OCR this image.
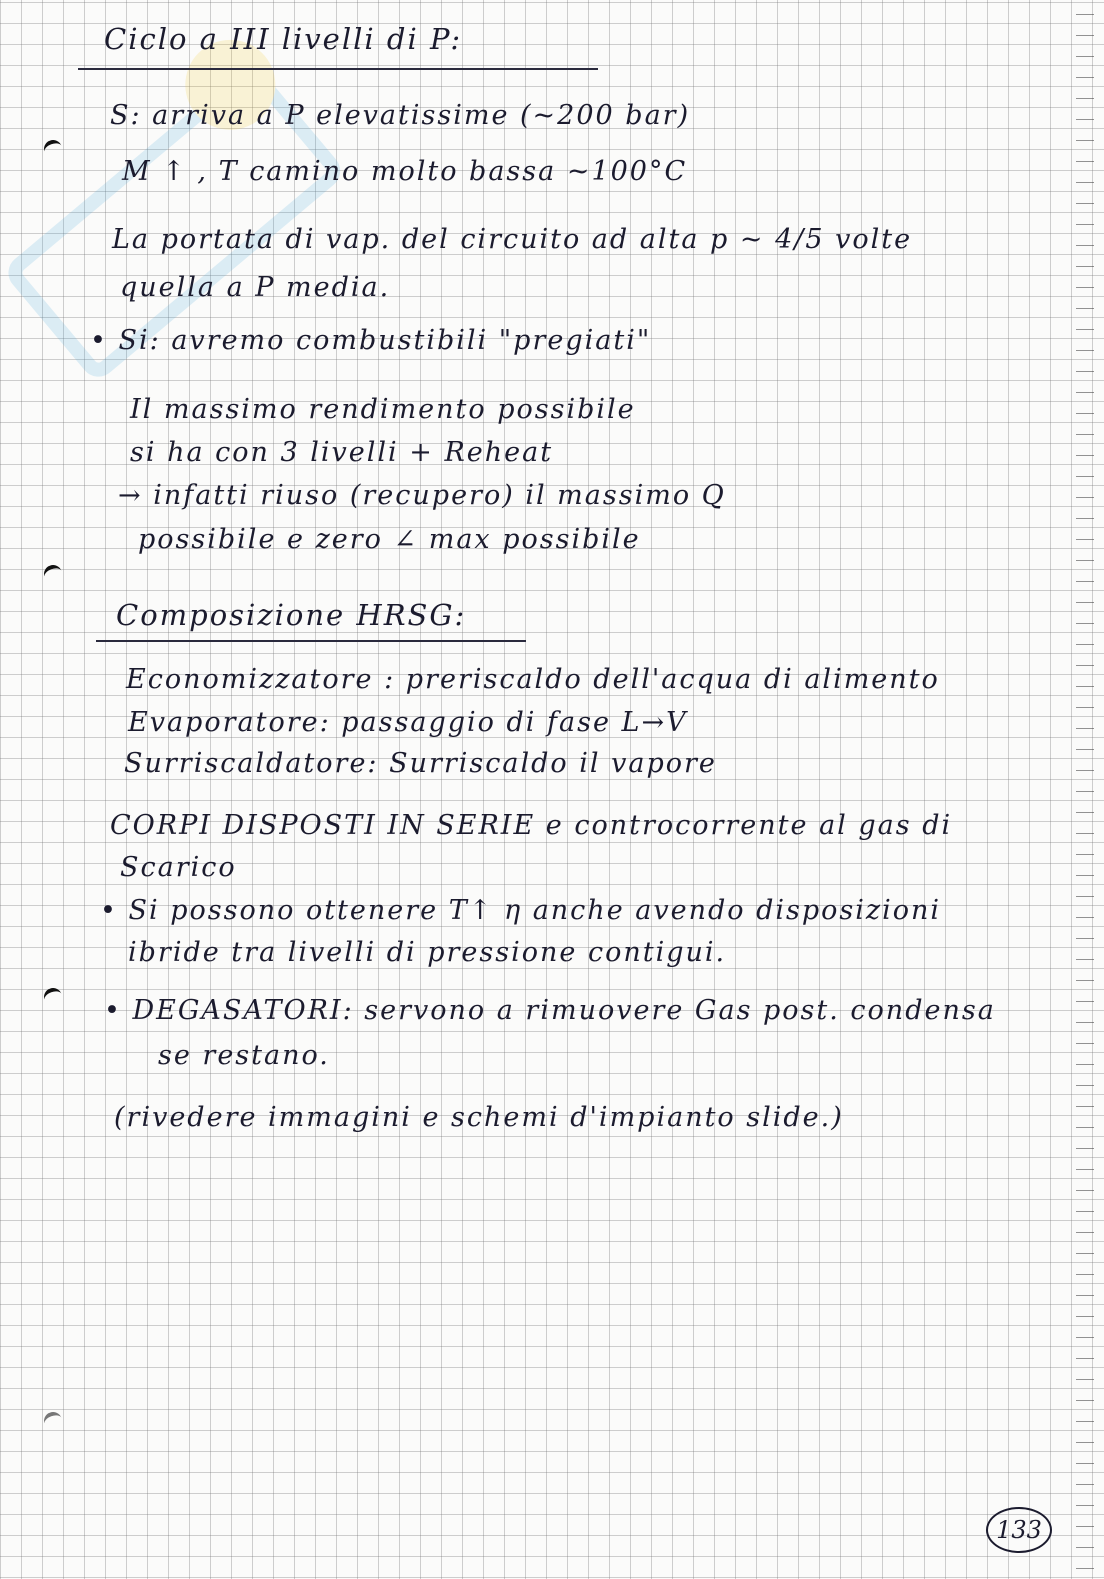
Ciclo a III livelli di P:
S: arriva a P elevatissime (~200 bar)
M ↑ , T camino molto bassa ~100°C
La portata di vap. del circuito ad alta p ~ 4/5 volte
quella a P media.
• Si: avremo combustibili "pregiati"
Il massimo rendimento possibile
si ha con 3 livelli + Reheat
→ infatti riuso (recupero) il massimo Q
possibile e zero ∠ max possibile
Composizione HRSG:
Economizzatore : preriscaldo dell'acqua di alimento
Evaporatore: passaggio di fase L→V
Surriscaldatore: Surriscaldo il vapore
CORPI DISPOSTI IN SERIE e controcorrente al gas di
Scarico
• Si possono ottenere T↑ η anche avendo disposizioni
ibride tra livelli di pressione contigui.
• DEGASATORI: servono a rimuovere Gas post. condensa
se restano.
(rivedere immagini e schemi d'impianto slide.)
133
